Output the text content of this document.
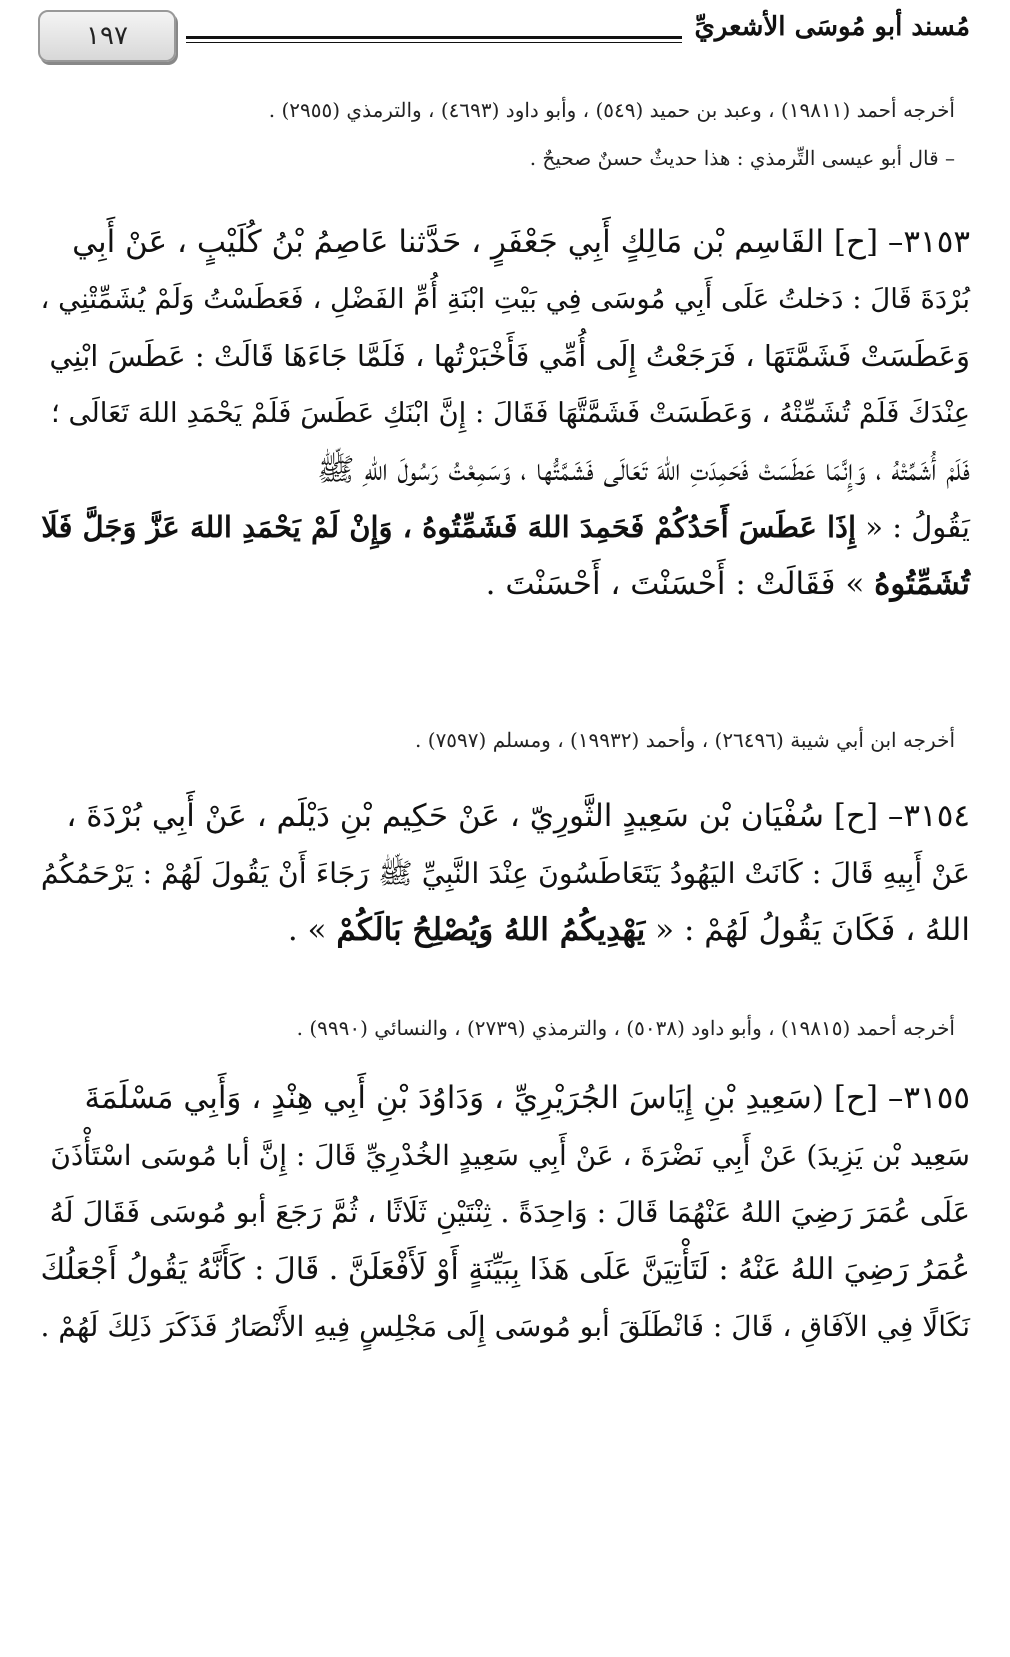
١٩٧	مُسند أبو مُوسَى الأشعريِّ
أخرجه أحمد (١٩٨١١) ، وعبد بن حميد (٥٤٩) ، وأبو داود (٤٦٩٣) ، والترمذي (٢٩٥٥) .
– قال أبو عيسى التِّرمذي : هذا حديثٌ حسنٌ صحيحٌ .
٣١٥٣– [ح] القَاسِم بْن مَالِكٍ أَبِي جَعْفَرٍ ، حَدَّثنا عَاصِمُ بْنُ كُلَيْبٍ ، عَنْ أَبِي
بُرْدَةَ قَالَ : دَخلتُ عَلَى أَبِي مُوسَى فِي بَيْتِ ابْنَةِ أُمِّ الفَضْلِ ، فَعَطَسْتُ وَلَمْ يُشَمِّتْنِي ،
وَعَطَسَتْ فَشَمَّتَهَا ، فَرَجَعْتُ إِلَى أُمِّي فَأَخْبَرْتُها ، فَلَمَّا جَاءَهَا قَالَتْ : عَطَسَ ابْنِي
عِنْدَكَ فَلَمْ تُشَمِّتْهُ ، وَعَطَسَتْ فَشَمَّتَّهَا فَقَالَ : إِنَّ ابْنَكِ عَطَسَ فَلَمْ يَحْمَدِ اللهَ تَعَالَى ؛
فَلَمْ أُشَمِّتْهُ ، وَإِنَّمَا عَطَسَتْ فَحَمِدَتِ اللهَ تَعَالَى فَشَمَّتُّها ، وَسَمِعْتُ رَسُولَ اللهِ ﷺ
يَقُولُ : « إِذَا عَطَسَ أَحَدُكُمْ فَحَمِدَ اللهَ فَشَمِّتُوهُ ، وَإِنْ لَمْ يَحْمَدِ اللهَ عَزَّ وَجَلَّ فَلَا
تُشَمِّتُوهُ » فَقَالَتْ : أَحْسَنْتَ ، أَحْسَنْتَ .
أخرجه ابن أبي شيبة (٢٦٤٩٦) ، وأحمد (١٩٩٣٢) ، ومسلم (٧٥٩٧) .
٣١٥٤– [ح] سُفْيَان بْن سَعِيدٍ الثَّورِيّ ، عَنْ حَكِيم بْنِ دَيْلَم ، عَنْ أَبِي بُرْدَةَ ،
عَنْ أَبِيهِ قَالَ : كَانَتْ اليَهُودُ يَتَعَاطَسُونَ عِنْدَ النَّبِيِّ ﷺ رَجَاءَ أَنْ يَقُولَ لَهُمْ : يَرْحَمُكُمُ
اللهُ ، فَكَانَ يَقُولُ لَهُمْ : « يَهْدِيكُمُ اللهُ وَيُصْلِحُ بَالَكُمْ » .
أخرجه أحمد (١٩٨١٥) ، وأبو داود (٥٠٣٨) ، والترمذي (٢٧٣٩) ، والنسائي (٩٩٩٠) .
٣١٥٥– [ح] (سَعِيدِ بْنِ إِيَاسَ الجُرَيْرِيِّ ، وَدَاوُدَ بْنِ أَبِي هِنْدٍ ، وَأَبِي مَسْلَمَةَ
سَعِيد بْن يَزِيدَ) عَنْ أَبِي نَضْرَةَ ، عَنْ أَبِي سَعِيدٍ الخُدْرِيِّ قَالَ : إِنَّ أبا مُوسَى اسْتَأْذَنَ
عَلَى عُمَرَ رَضِيَ اللهُ عَنْهُمَا قَالَ : وَاحِدَةً . ثِنْتَيْنِ ثَلَاثًا ، ثُمَّ رَجَعَ أبو مُوسَى فَقَالَ لَهُ
عُمَرُ رَضِيَ اللهُ عَنْهُ : لَتَأْتِيَنَّ عَلَى هَذَا بِبَيِّنَةٍ أَوْ لَأَفْعَلَنَّ . قَالَ : كَأَنَّهُ يَقُولُ أَجْعَلُكَ
نَكَالًا فِي الآفَاقِ ، قَالَ : فَانْطَلَقَ أبو مُوسَى إِلَى مَجْلِسٍ فِيهِ الأَنْصَارُ فَذَكَرَ ذَلِكَ لَهُمْ .
